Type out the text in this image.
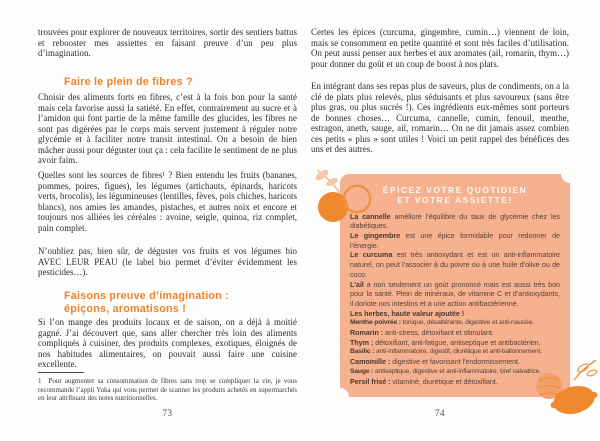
trouvées pour explorer de nouveaux territoires, sortir des sentiers battus et rebooster mes assiettes en faisant preuve d’un peu plus d’imagination.

Faire le plein de fibres ?

Choisir des aliments forts en fibres, c’est à la fois bon pour la santé mais cela favorise aussi la satiété. En effet, contrairement au sucre et à l’amidon qui font partie de la même famille des glucides, les fibres ne sont pas digérées par le corps mais servent justement à réguler notre glycémie et à faciliter notre transit intestinal. On a besoin de bien mâcher aussi pour déguster tout ça : cela facilite le sentiment de ne plus avoir faim.

Quelles sont les sources de fibres¹ ? Bien entendu les fruits (bananes, pommes, poires, figues), les légumes (artichauts, épinards, haricots verts, brocolis), les légumineuses (lentilles, fèves, pois chiches, haricots blancs), nos amies les amandes, pistaches, et autres noix et encore et toujours nos alliées les céréales : avoine, seigle, quinoa, riz complet, pain complet.

N’oubliez pas, bien sûr, de déguster vos fruits et vos légumes bio AVEC LEUR PEAU (le label bio permet d’éviter évidemment les pesticides…).

Faisons preuve d’imagination :
épiçons, aromatisons !

Si l’on mange des produits locaux et de saison, on a déjà à moitié gagné. J’ai découvert que, sans aller chercher très loin des aliments compliqués à cuisiner, des produits complexes, exotiques, éloignés de nos habitudes alimentaires, on pouvait aussi faire une cuisine excellente.

1 Pour augmenter sa consommation de fibres sans trop se compliquer la vie, je vous recommande l’appli Yuka qui vous permet de scanner les produits achetés en supermarchés en leur attribuant des notes nutritionnelles.

73

Certes les épices (curcuma, gingembre, cumin…) viennent de loin, mais se consomment en petite quantité et sont très faciles d’utilisation. On peut aussi penser aux herbes et aux aromates (ail, romarin, thym…) pour donner du goût et un coup de boost à nos plats.

En intégrant dans ses repas plus de saveurs, plus de condiments, on a la clé de plats plus relevés, plus séduisants et plus savoureux (sans être plus gras, ou plus sucrés !). Ces ingrédients eux-mêmes sont porteurs de bonnes choses… Curcuma, cannelle, cumin, fenouil, menthe, estragon, aneth, sauge, ail, romarin… On ne dit jamais assez combien ces petits « plus » sont utiles ! Voici un petit rappel des bénéfices des uns et des autres.

ÉPICEZ VOTRE QUOTIDIEN
ET VOTRE ASSIETTE!

La cannelle améliore l’équilibre du taux de glycémie chez les diabétiques.

Le gingembre est une épice formidable pour redonner de l’énergie.

Le curcuma est très antioxydant et est un anti-inflammatoire naturel, on peut l’associer à du poivre ou à une huile d’olive ou de coco.

L’ail a non seulement un goût prononcé mais est aussi très bon pour la santé. Plein de minéraux, de vitamine C et d’antioxydants, il dorlote nos intestins et a une action antibactérienne.

Les herbes, haute valeur ajoutée !

Menthe poivrée : tonique, désaltérante, digestive et anti-nausée.

Romarin : anti-stress, détoxifiant et stimulant.

Thym : détoxifiant, anti-fatigue, antiseptique et antibactérien.

Basilic : anti-inflammatoire, digestif, diurétique et anti-ballonnement.

Camomille : digestive et favorisant l’endormissement.

Sauge : antiseptique, digestive et anti-inflammatoire, bref salvatrice.

Persil frisé : vitaminé, diurétique et détoxifiant.

74
